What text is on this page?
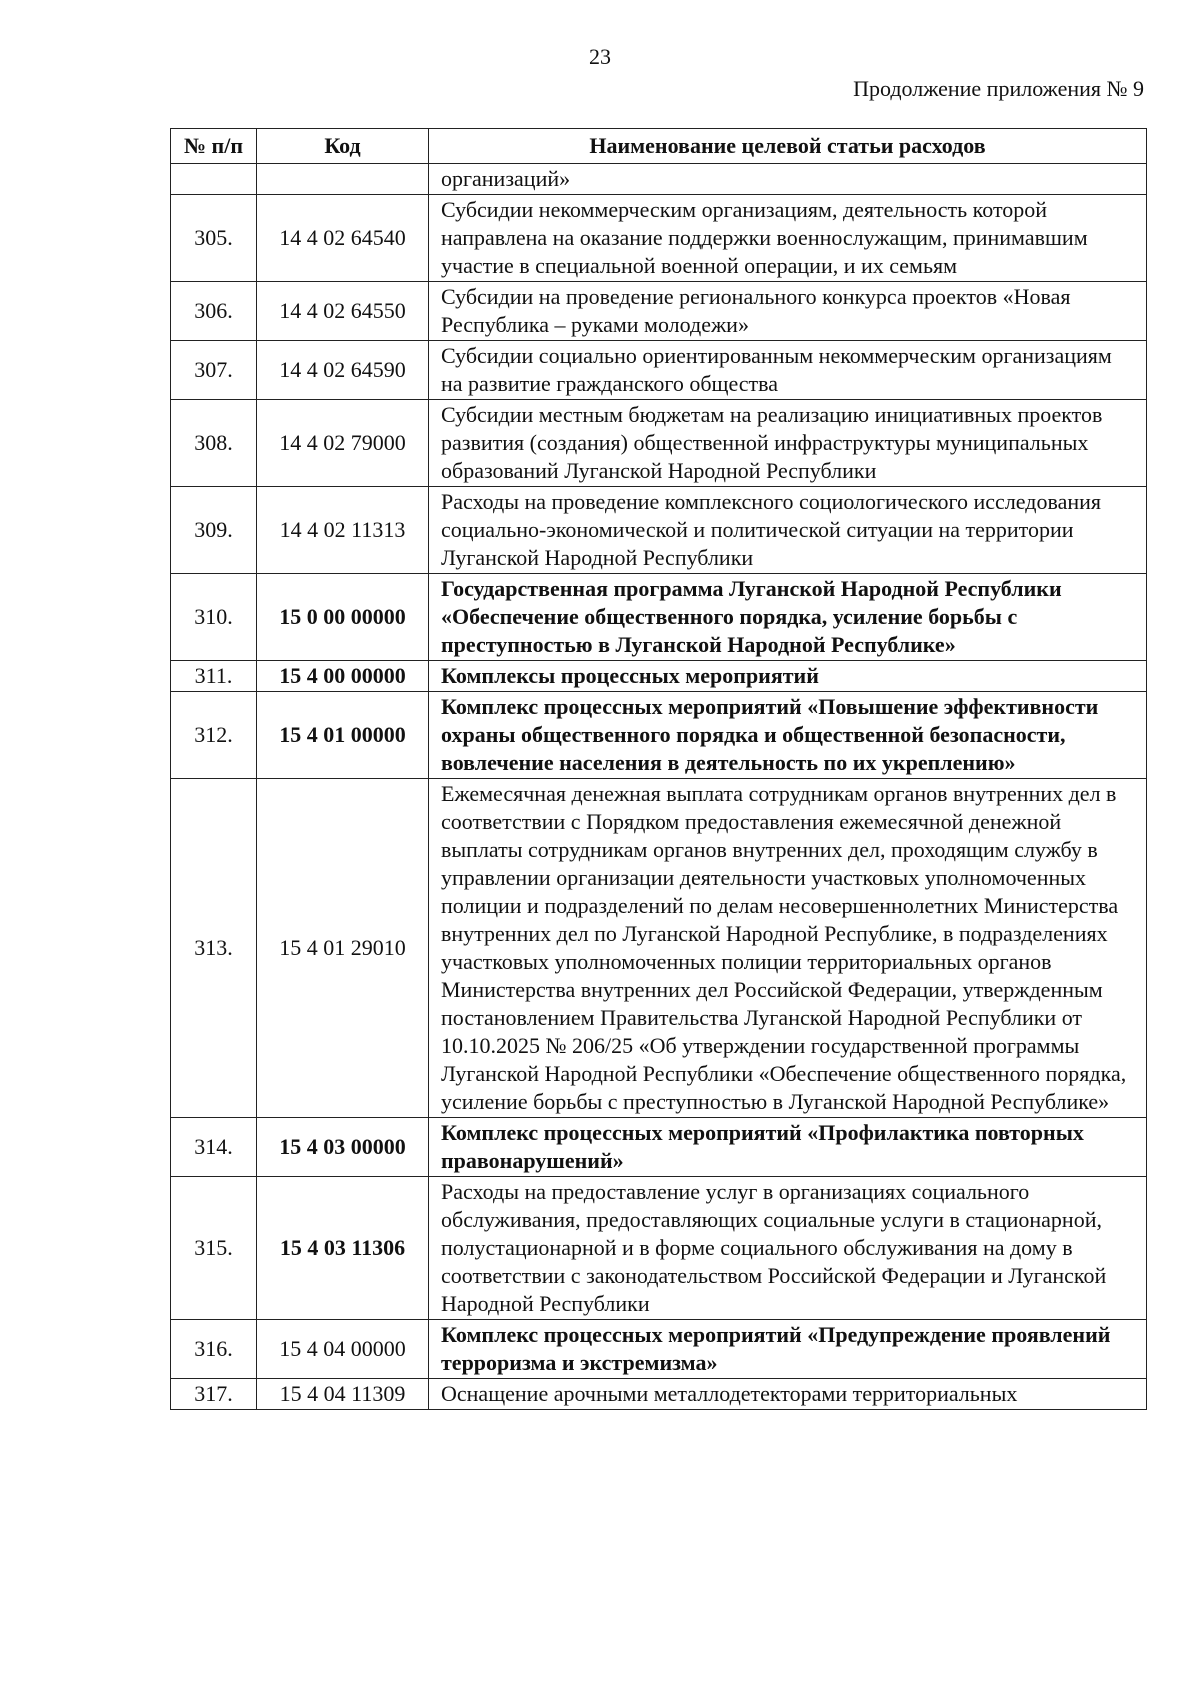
23
Продолжение приложения № 9
№ п/п	Код	Наименование целевой статьи расходов
		организаций»
305.	14 4 02 64540	Субсидии некоммерческим организациям, деятельность которой направлена на оказание поддержки военнослужащим, принимавшим участие в специальной военной операции, и их семьям
306.	14 4 02 64550	Субсидии на проведение регионального конкурса проектов «Новая Республика – руками молодежи»
307.	14 4 02 64590	Субсидии социально ориентированным некоммерческим организациям на развитие гражданского общества
308.	14 4 02 79000	Субсидии местным бюджетам на реализацию инициативных проектов развития (создания) общественной инфраструктуры муниципальных образований Луганской Народной Республики
309.	14 4 02 11313	Расходы на проведение комплексного социологического исследования социально-экономической и политической ситуации на территории Луганской Народной Республики
310.	15 0 00 00000	Государственная программа Луганской Народной Республики «Обеспечение общественного порядка, усиление борьбы с преступностью в Луганской Народной Республике»
311.	15 4 00 00000	Комплексы процессных мероприятий
312.	15 4 01 00000	Комплекс процессных мероприятий «Повышение эффективности охраны общественного порядка и общественной безопасности, вовлечение населения в деятельность по их укреплению»
313.	15 4 01 29010	Ежемесячная денежная выплата сотрудникам органов внутренних дел в соответствии с Порядком предоставления ежемесячной денежной выплаты сотрудникам органов внутренних дел, проходящим службу в управлении организации деятельности участковых уполномоченных полиции и подразделений по делам несовершеннолетних Министерства внутренних дел по Луганской Народной Республике, в подразделениях участковых уполномоченных полиции территориальных органов Министерства внутренних дел Российской Федерации, утвержденным постановлением Правительства Луганской Народной Республики от 10.10.2025 № 206/25 «Об утверждении государственной программы Луганской Народной Республики «Обеспечение общественного порядка, усиление борьбы с преступностью в Луганской Народной Республике»
314.	15 4 03 00000	Комплекс процессных мероприятий «Профилактика повторных правонарушений»
315.	15 4 03 11306	Расходы на предоставление услуг в организациях социального обслуживания, предоставляющих социальные услуги в стационарной, полустационарной и в форме социального обслуживания на дому в соответствии с законодательством Российской Федерации и Луганской Народной Республики
316.	15 4 04 00000	Комплекс процессных мероприятий «Предупреждение проявлений терроризма и экстремизма»
317.	15 4 04 11309	Оснащение арочными металлодетекторами территориальных
